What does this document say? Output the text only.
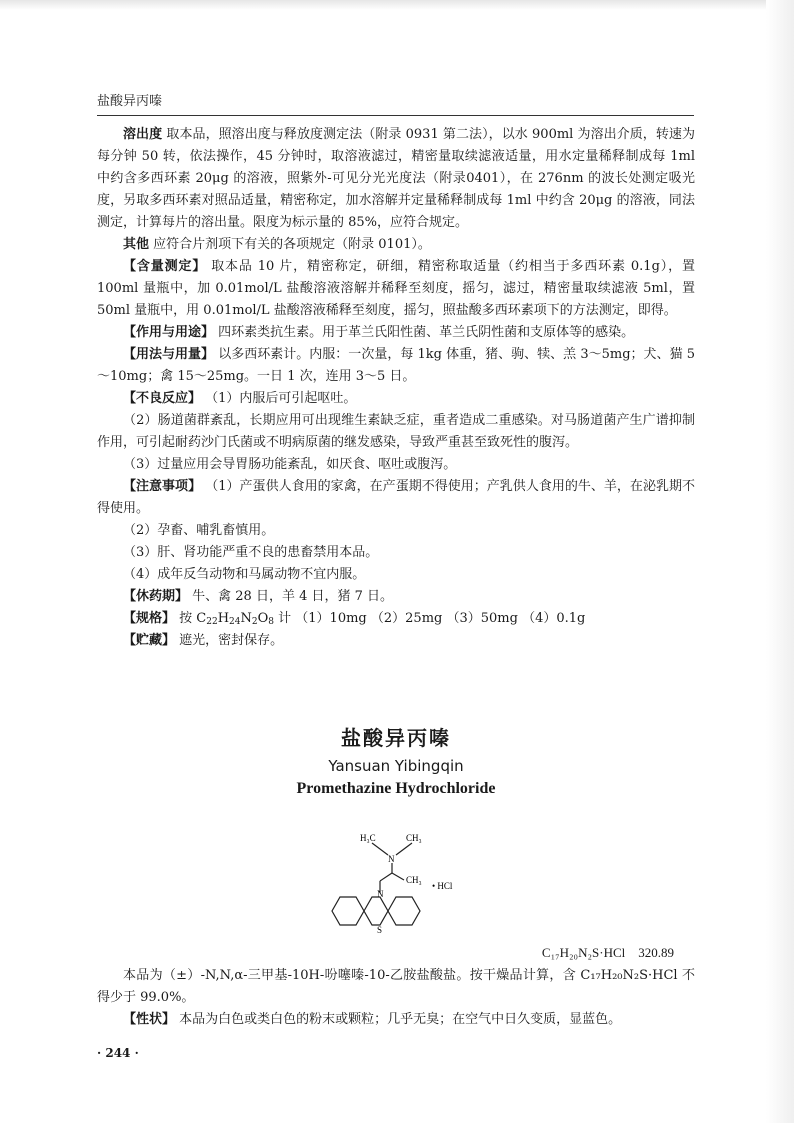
盐酸异丙嗪

溶出度 取本品，照溶出度与释放度测定法（附录 0931 第二法），以水 900ml 为溶出介质，转速为每分钟 50 转，依法操作，45 分钟时，取溶液滤过，精密量取续滤液适量，用水定量稀释制成每 1ml 中约含多西环素 20μg 的溶液，照紫外-可见分光光度法（附录0401），在 276nm 的波长处测定吸光度，另取多西环素对照品适量，精密称定，加水溶解并定量稀释制成每 1ml 中约含 20μg 的溶液，同法测定，计算每片的溶出量。限度为标示量的 85%，应符合规定。

其他 应符合片剂项下有关的各项规定（附录 0101）。

【含量测定】 取本品 10 片，精密称定，研细，精密称取适量（约相当于多西环素 0.1g），置 100ml 量瓶中，加 0.01mol/L 盐酸溶液溶解并稀释至刻度，摇匀，滤过，精密量取续滤液 5ml，置 50ml 量瓶中，用 0.01mol/L 盐酸溶液稀释至刻度，摇匀，照盐酸多西环素项下的方法测定，即得。

【作用与用途】 四环素类抗生素。用于革兰氏阳性菌、革兰氏阴性菌和支原体等的感染。

【用法与用量】 以多西环素计。内服：一次量，每 1kg 体重，猪、驹、犊、羔 3～5mg；犬、猫 5～10mg；禽 15～25mg。一日 1 次，连用 3～5 日。

【不良反应】 （1）内服后可引起呕吐。

（2）肠道菌群紊乱，长期应用可出现维生素缺乏症，重者造成二重感染。对马肠道菌产生广谱抑制作用，可引起耐药沙门氏菌或不明病原菌的继发感染，导致严重甚至致死性的腹泻。

（3）过量应用会导胃肠功能紊乱，如厌食、呕吐或腹泻。

【注意事项】 （1）产蛋供人食用的家禽，在产蛋期不得使用；产乳供人食用的牛、羊，在泌乳期不得使用。

（2）孕畜、哺乳畜慎用。

（3）肝、肾功能严重不良的患畜禁用本品。

（4）成年反刍动物和马属动物不宜内服。

【休药期】 牛、禽 28 日，羊 4 日，猪 7 日。

【规格】 按 $C_{22}H_{24}N_2O_8$ 计 （1）10mg （2）25mg （3）50mg （4）0.1g

【贮藏】 遮光，密封保存。

盐酸异丙嗪
Yansuan Yibingqin
Promethazine Hydrochloride
H₃C	CH₃
N
CH₃
N
S
• HCl
C₁₇H₂₀N₂S·HCl 320.89

本品为（±）-N,N,α-三甲基-10H-吩噻嗪-10-乙胺盐酸盐。按干燥品计算，含 C₁₇H₂₀N₂S·HCl 不得少于 99.0%。

【性状】 本品为白色或类白色的粉末或颗粒；几乎无臭；在空气中日久变质，显蓝色。

· 244 ·
